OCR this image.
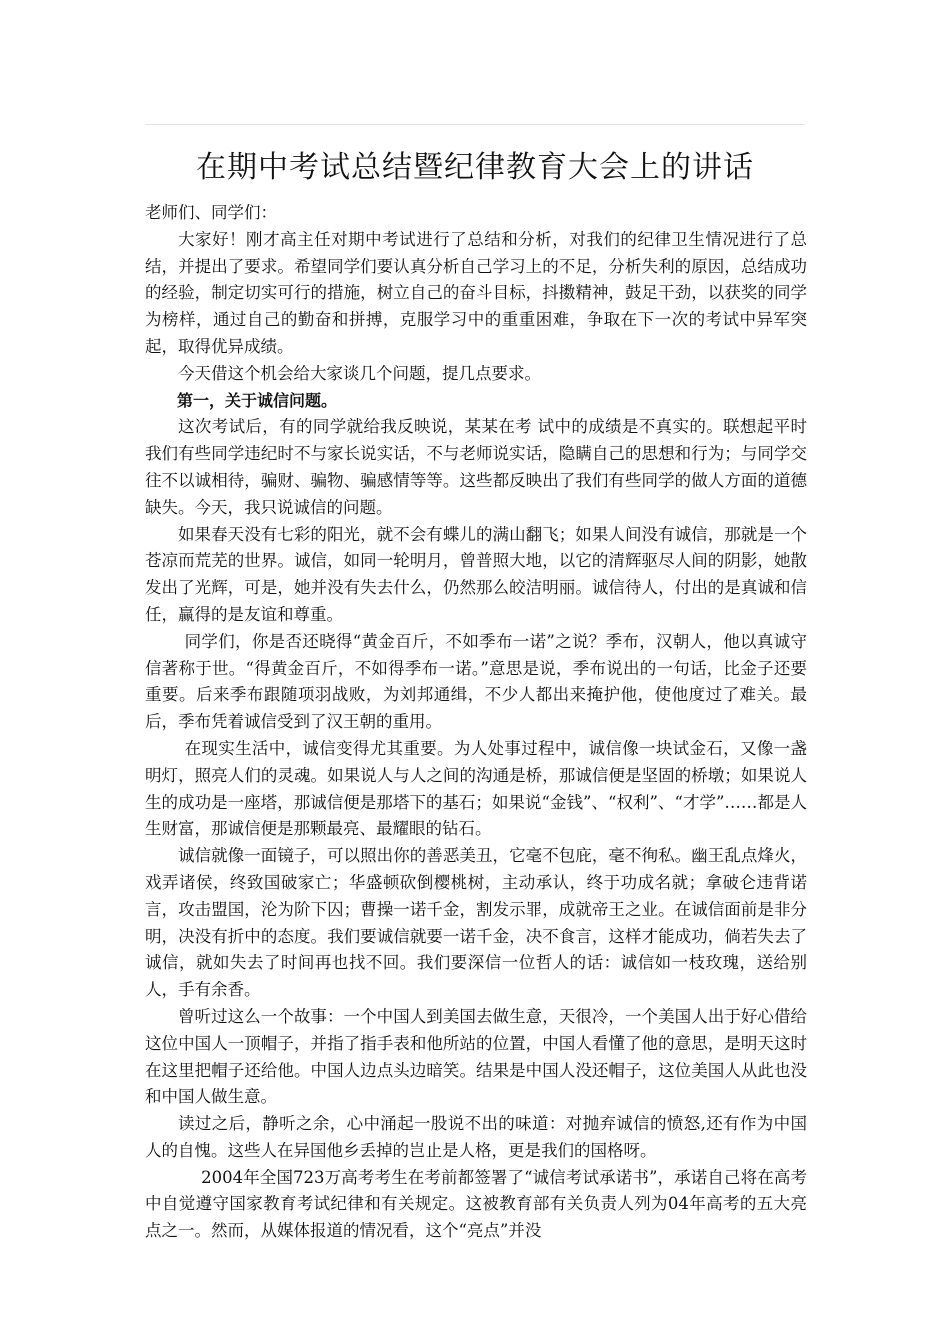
在期中考试总结暨纪律教育大会上的讲话

老师们、同学们：

大家好！刚才高主任对期中考试进行了总结和分析，对我们的纪律卫生情况进行了总结，并提出了要求。希望同学们要认真分析自己学习上的不足，分析失利的原因，总结成功的经验，制定切实可行的措施，树立自己的奋斗目标，抖擞精神，鼓足干劲，以获奖的同学为榜样，通过自己的勤奋和拼搏，克服学习中的重重困难，争取在下一次的考试中异军突起，取得优异成绩。

今天借这个机会给大家谈几个问题，提几点要求。

第一，关于诚信问题。

这次考试后，有的同学就给我反映说，某某在考 试中的成绩是不真实的。联想起平时我们有些同学违纪时不与家长说实话，不与老师说实话，隐瞒自己的思想和行为；与同学交往不以诚相待，骗财、骗物、骗感情等等。这些都反映出了我们有些同学的做人方面的道德缺失。今天，我只说诚信的问题。

如果春天没有七彩的阳光，就不会有蝶儿的满山翻飞；如果人间没有诚信，那就是一个苍凉而荒芜的世界。诚信，如同一轮明月，曾普照大地，以它的清辉驱尽人间的阴影，她散发出了光辉，可是，她并没有失去什么，仍然那么皎洁明丽。诚信待人，付出的是真诚和信任，赢得的是友谊和尊重。

同学们，你是否还晓得“黄金百斤，不如季布一诺”之说？季布，汉朝人，他以真诚守信著称于世。“得黄金百斤，不如得季布一诺。”意思是说，季布说出的一句话，比金子还要重要。后来季布跟随项羽战败，为刘邦通缉，不少人都出来掩护他，使他度过了难关。最后，季布凭着诚信受到了汉王朝的重用。

在现实生活中，诚信变得尤其重要。为人处事过程中，诚信像一块试金石，又像一盏明灯，照亮人们的灵魂。如果说人与人之间的沟通是桥，那诚信便是坚固的桥墩；如果说人生的成功是一座塔，那诚信便是那塔下的基石；如果说“金钱”、“权利”、“才学”……都是人生财富，那诚信便是那颗最亮、最耀眼的钻石。

诚信就像一面镜子，可以照出你的善恶美丑，它毫不包庇，毫不徇私。幽王乱点烽火，戏弄诸侯，终致国破家亡；华盛顿砍倒樱桃树，主动承认，终于功成名就；拿破仑违背诺言，攻击盟国，沦为阶下囚；曹操一诺千金，割发示罪，成就帝王之业。在诚信面前是非分明，决没有折中的态度。我们要诚信就要一诺千金，决不食言，这样才能成功，倘若失去了诚信，就如失去了时间再也找不回。我们要深信一位哲人的话：诚信如一枝玫瑰，送给别人，手有余香。

曾听过这么一个故事：一个中国人到美国去做生意，天很冷，一个美国人出于好心借给这位中国人一顶帽子，并指了指手表和他所站的位置，中国人看懂了他的意思，是明天这时在这里把帽子还给他。中国人边点头边暗笑。结果是中国人没还帽子，这位美国人从此也没和中国人做生意。

读过之后，静听之余，心中涌起一股说不出的味道：对抛弃诚信的愤怒,还有作为中国人的自愧。这些人在异国他乡丢掉的岂止是人格，更是我们的国格呀。

2004年全国723万高考考生在考前都签署了“诚信考试承诺书”，承诺自己将在高考中自觉遵守国家教育考试纪律和有关规定。这被教育部有关负责人列为04年高考的五大亮点之一。然而，从媒体报道的情况看，这个“亮点”并没
